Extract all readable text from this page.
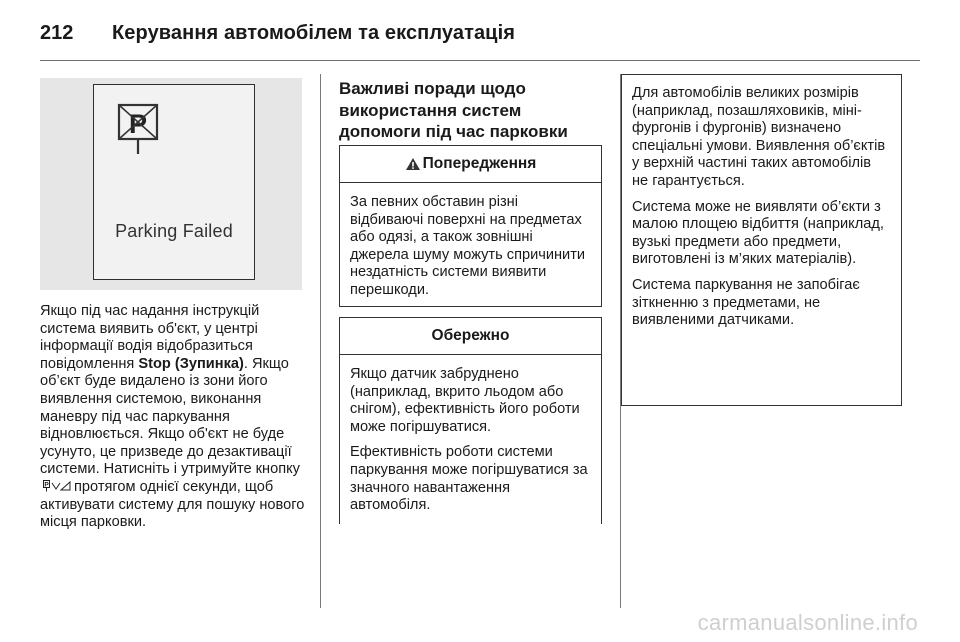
212 Керування автомобілем та експлуатація
P
Parking Failed

Якщо під час надання інструкцій система виявить об'єкт, у центрі інформації водія відобразиться повідомлення Stop (Зупинка). Якщо об’єкт буде видалено із зони його виявлення системою, виконання маневру під час паркування відновлюється. Якщо об'єкт не буде усунуто, це призведе до дезактивації системи. Натисніть і утримуйте кнопку
P протягом однієї секунди, щоб активувати систему для пошуку нового місця парковки.

Важливі поради щодо використання систем допомоги під час парковки
Попередження

За певних обставин різні відбиваючі поверхні на предметах або одязі, а також зовнішні джерела шуму можуть спричинити нездатність системи виявити перешкоди.

Обережно

Якщо датчик забруднено (наприклад, вкрито льодом або снігом), ефективність його роботи може погіршуватися.

Ефективність роботи системи паркування може погіршуватися за значного навантаження автомобіля.

Для автомобілів великих розмірів (наприклад, позашляховиків, міні-фургонів і фургонів) визначено спеціальні умови. Виявлення об’єктів у верхній частині таких автомобілів не гарантується.

Система може не виявляти об’єкти з малою площею відбиття (наприклад, вузькі предмети або предмети, виготовлені із м’яких матеріалів).

Система паркування не запобігає зіткненню з предметами, не виявленими датчиками.

carmanualsonline.info
